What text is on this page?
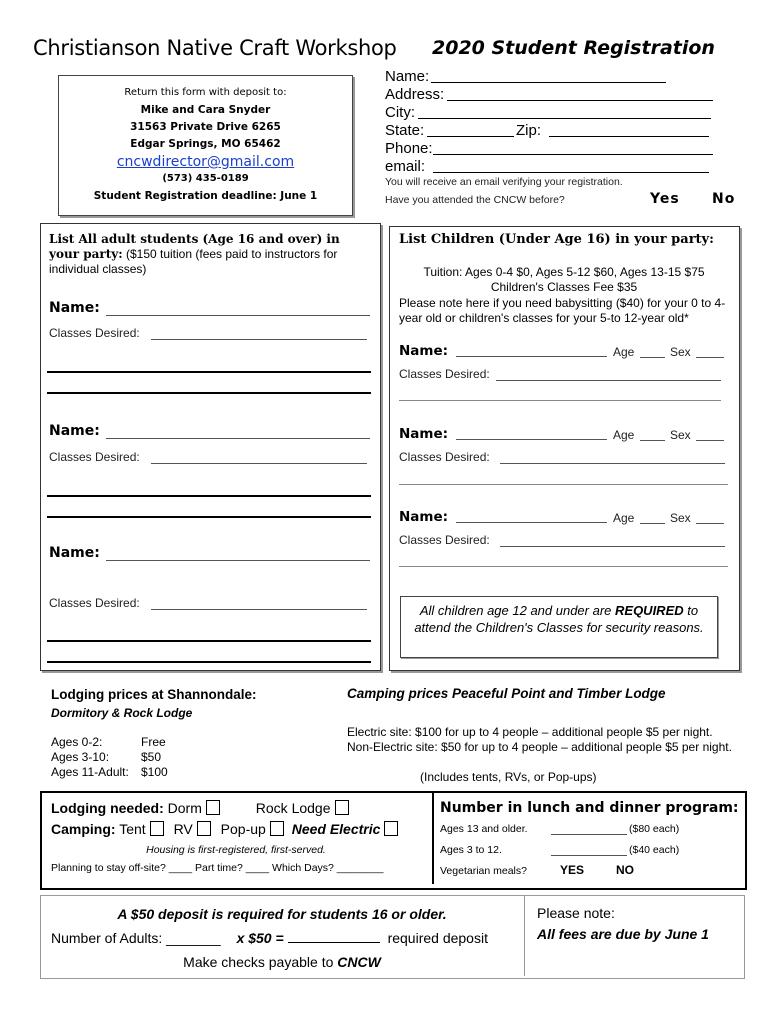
Christianson Native Craft Workshop 2020 Student Registration
Return this form with deposit to:
Mike and Cara Snyder
31563 Private Drive 6265
Edgar Springs, MO 65462
cncwdirector@gmail.com
(573) 435-0189
Student Registration deadline: June 1
Name:
Address:
City:
State:	Zip:
Phone:
email:
You will receive an email verifying your registration.
Have you attended the CNCW before?	Yes No
List All adult students (Age 16 and over) in your party: ($150 tuition (fees paid to instructors for individual classes)
Name:
Classes Desired:
Name:
Classes Desired:
Name:
Classes Desired:
List Children (Under Age 16) in your party:
Tuition: Ages 0-4 $0, Ages 5-12 $60, Ages 13-15 $75
Children's Classes Fee $35
Please note here if you need babysitting ($40) for your 0 to 4-year old or children's classes for your 5-to 12-year old*
Name:	Age	Sex
Classes Desired:
Name:	Age	Sex
Classes Desired:
Name:	Age	Sex
Classes Desired:
All children age 12 and under are REQUIRED to attend the Children's Classes for security reasons.
Lodging prices at Shannondale:
Dormitory & Rock Lodge
Ages 0-2:	Free
Ages 3-10:	$50
Ages 11-Adult: $100
Camping prices Peaceful Point and Timber Lodge
Electric site: $100 for up to 4 people – additional people $5 per night.
Non-Electric site: $50 for up to 4 people – additional people $5 per night.
(Includes tents, RVs, or Pop-ups)
Lodging needed: Dorm	Rock Lodge
Camping: Tent RV Pop-up Need Electric
Housing is first-registered, first-served.
Planning to stay off-site? ____ Part time? ____ Which Days? ________
Number in lunch and dinner program:
Ages 13 and older.	($80 each)
Ages 3 to 12.	($40 each)
Vegetarian meals?	YES	NO
A $50 deposit is required for students 16 or older.
Number of Adults: _______ x $50 =	required deposit
Make checks payable to CNCW
Please note:
All fees are due by June 1
